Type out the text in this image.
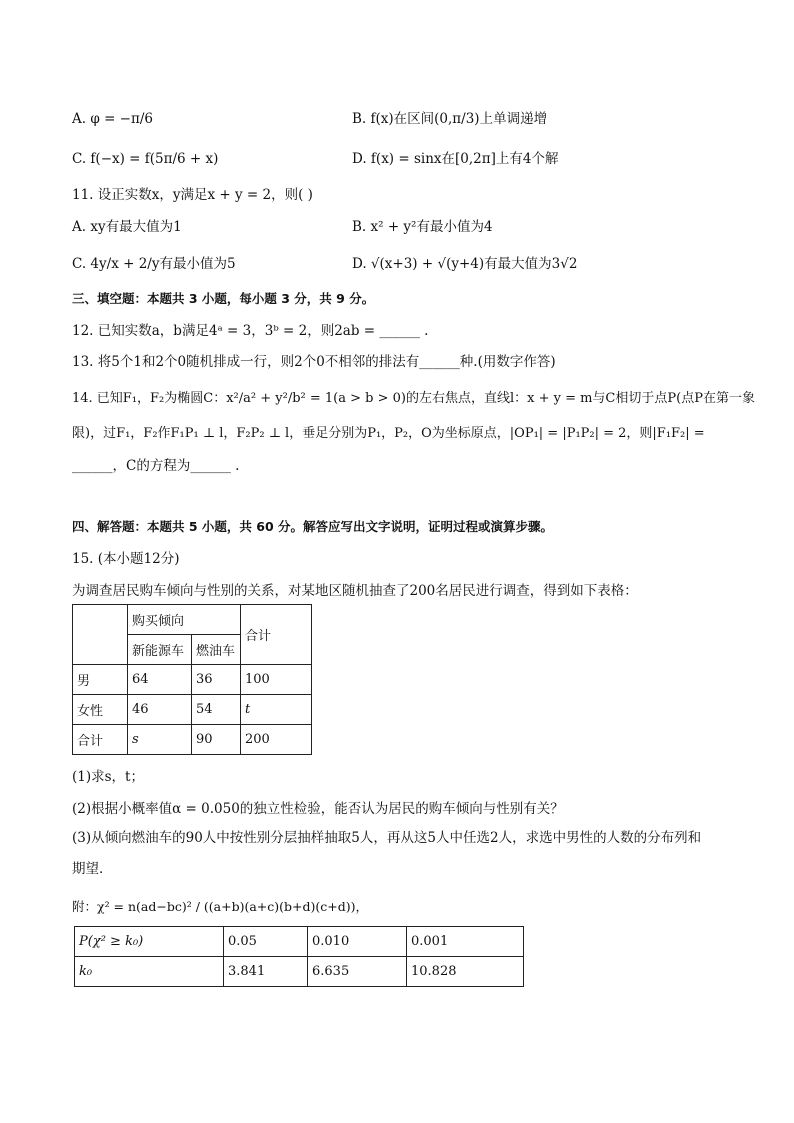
A. φ = −π/6	B. f(x)在区间(0,π/3)上单调递增
C. f(−x) = f(5π/6 + x)	D. f(x) = sinx在[0,2π]上有4个解
11. 设正实数x，y满足x + y = 2，则( )
A. xy有最大值为1	B. x² + y²有最小值为4
C. 4y/x + 2/y有最小值为5	D. √(x+3) + √(y+4)有最大值为3√2
三、填空题：本题共 3 小题，每小题 3 分，共 9 分。
12. 已知实数a，b满足4ᵃ = 3，3ᵇ = 2，则2ab = ______ .
13. 将5个1和2个0随机排成一行，则2个0不相邻的排法有______种.(用数字作答)
14. 已知F₁，F₂为椭圆C：x²/a² + y²/b² = 1(a > b > 0)的左右焦点，直线l：x + y = m与C相切于点P(点P在第一象
限)，过F₁，F₂作F₁P₁ ⊥ l，F₂P₂ ⊥ l，垂足分别为P₁，P₂，O为坐标原点，|OP₁| = |P₁P₂| = 2，则|F₁F₂| =
______，C的方程为______ .
四、解答题：本题共 5 小题，共 60 分。解答应写出文字说明，证明过程或演算步骤。
15. (本小题12分)
为调查居民购车倾向与性别的关系，对某地区随机抽查了200名居民进行调查，得到如下表格：
	购买倾向		合计
	新能源车	燃油车	
男	64	36	100
女性	46	54	t
合计	s	90	200
(1)求s，t；
(2)根据小概率值α = 0.050的独立性检验，能否认为居民的购车倾向与性别有关？
(3)从倾向燃油车的90人中按性别分层抽样抽取5人，再从这5人中任选2人，求选中男性的人数的分布列和
期望．
附：χ² = n(ad−bc)² / ((a+b)(a+c)(b+d)(c+d))，
P(χ² ≥ k₀)	0.05	0.010	0.001
k₀	3.841	6.635	10.828
